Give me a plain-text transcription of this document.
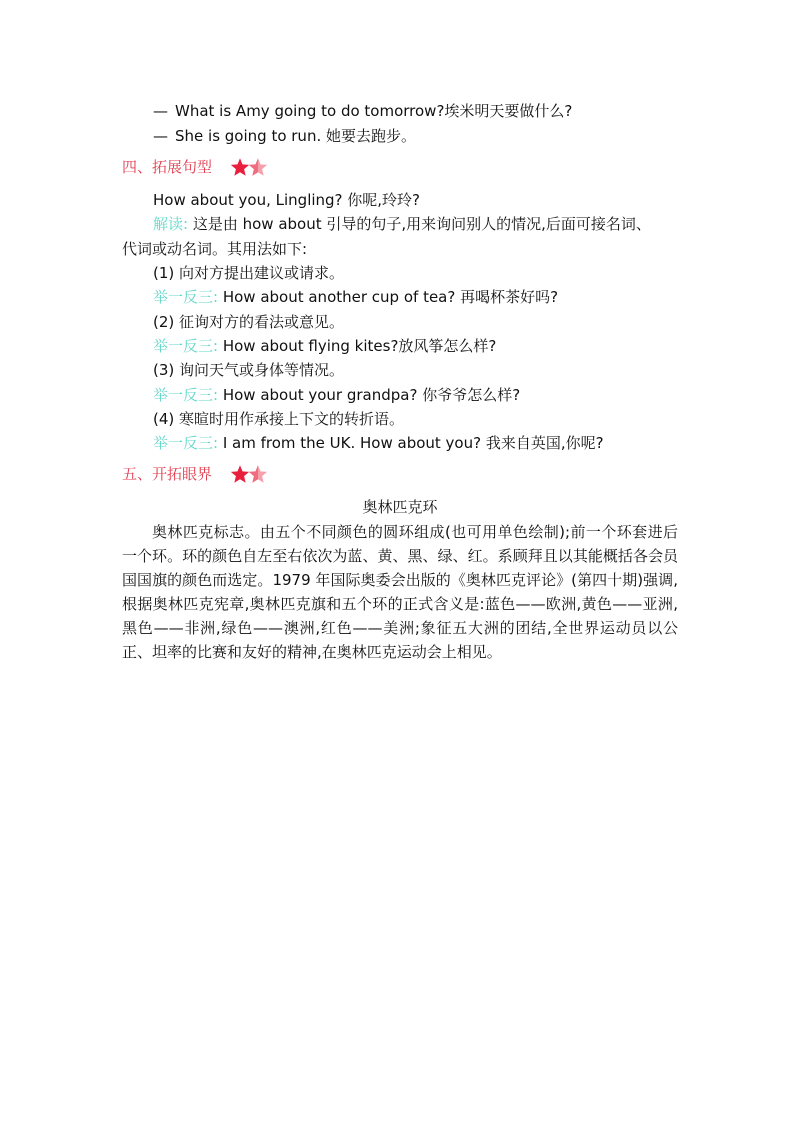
— What is Amy going to do tomorrow?埃米明天要做什么?
— She is going to run. 她要去跑步。
四、拓展句型
How about you, Lingling? 你呢,玲玲?
解读: 这是由 how about 引导的句子,用来询问别人的情况,后面可接名词、
代词或动名词。其用法如下:
(1) 向对方提出建议或请求。
举一反三: How about another cup of tea? 再喝杯茶好吗?
(2) 征询对方的看法或意见。
举一反三: How about flying kites?放风筝怎么样?
(3) 询问天气或身体等情况。
举一反三: How about your grandpa? 你爷爷怎么样?
(4) 寒暄时用作承接上下文的转折语。
举一反三: I am from the UK. How about you? 我来自英国,你呢?
五、开拓眼界
奥林匹克环
奥林匹克标志。由五个不同颜色的圆环组成(也可用单色绘制);前一个环套进后一个环。环的颜色自左至右依次为蓝、黄、黑、绿、红。系顾拜且以其能概括各会员国国旗的颜色而选定。1979 年国际奥委会出版的《奥林匹克评论》(第四十期)强调,根据奥林匹克宪章,奥林匹克旗和五个环的正式含义是:蓝色——欧洲,黄色——亚洲,黑色——非洲,绿色——澳洲,红色——美洲;象征五大洲的团结,全世界运动员以公正、坦率的比赛和友好的精神,在奥林匹克运动会上相见。
